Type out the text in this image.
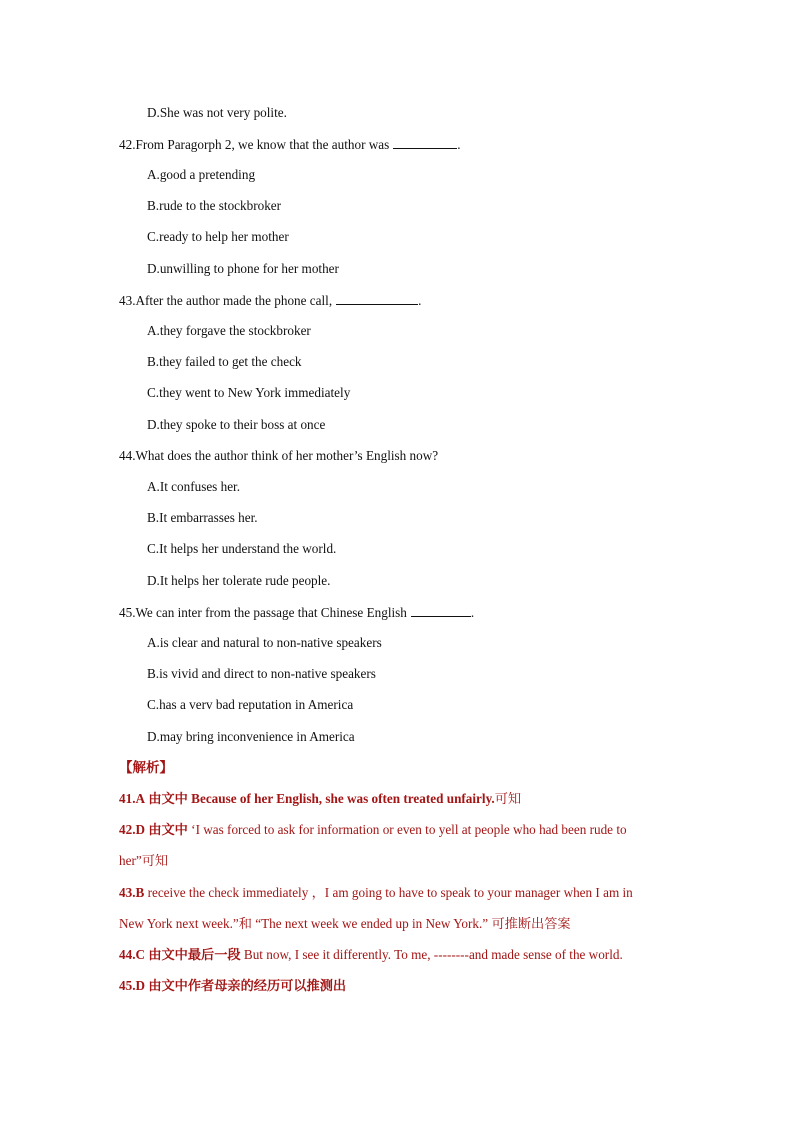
D.She was not very polite.
42.From Paragorph 2, we know that the author was	.
A.good a pretending
B.rude to the stockbroker
C.ready to help her mother
D.unwilling to phone for her mother
43.After the author made the phone call,	.
A.they forgave the stockbroker
B.they failed to get the check
C.they went to New York immediately
D.they spoke to their boss at once
44.What does the author think of her mother’s English now?
A.It confuses her.
B.It embarrasses her.
C.It helps her understand the world.
D.It helps her tolerate rude people.
45.We can inter from the passage that Chinese English	.
A.is clear and natural to non-native speakers
B.is vivid and direct to non-native speakers
C.has a verv bad reputation in America
D.may bring inconvenience in America
【解析】
41.A 由文中 Because of her English, she was often treated unfairly.可知
42.D 由文中 ‘I was forced to ask for information or even to yell at people who had been rude to
her”可知
43.B receive the check immediately ，I am going to have to speak to your manager when I am in
New York next week.”和 “The next week we ended up in New York.” 可推断出答案
44.C 由文中最后一段 But now, I see it differently. To me, --------and made sense of the world.
45.D 由文中作者母亲的经历可以推测出
